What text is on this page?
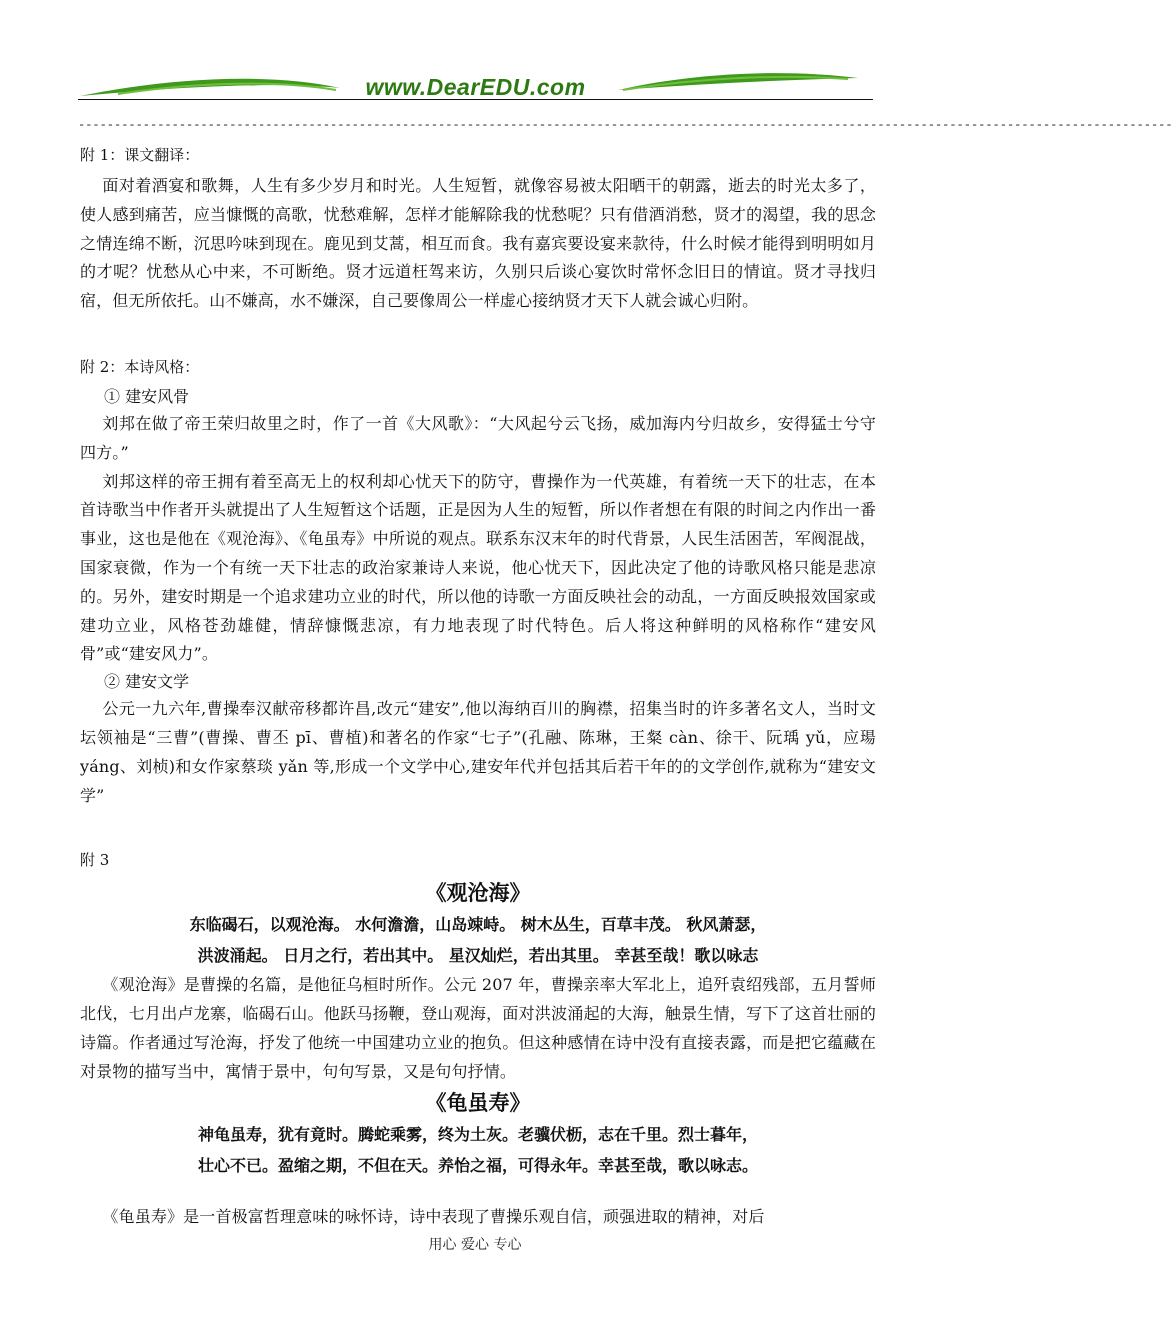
www.DearEDU.com
--------------------------------------------------------------------------------------------------------------------------------------------------------

附 1：课文翻译：

面对着酒宴和歌舞，人生有多少岁月和时光。人生短暂，就像容易被太阳晒干的朝露，逝去的时光太多了，使人感到痛苦，应当慷慨的高歌，忧愁难解，怎样才能解除我的忧愁呢？只有借酒消愁，贤才的渴望，我的思念之情连绵不断，沉思吟味到现在。鹿见到艾蒿，相互而食。我有嘉宾要设宴来款待，什么时候才能得到明明如月的才呢？忧愁从心中来，不可断绝。贤才远道枉驾来访，久别只后谈心宴饮时常怀念旧日的情谊。贤才寻找归宿，但无所依托。山不嫌高，水不嫌深，自己要像周公一样虚心接纳贤才天下人就会诚心归附。

附 2：本诗风格：

① 建安风骨

刘邦在做了帝王荣归故里之时，作了一首《大风歌》：“大风起兮云飞扬，威加海内兮归故乡，安得猛士兮守四方。”

刘邦这样的帝王拥有着至高无上的权利却心忧天下的防守，曹操作为一代英雄，有着统一天下的壮志，在本首诗歌当中作者开头就提出了人生短暂这个话题，正是因为人生的短暂，所以作者想在有限的时间之内作出一番事业，这也是他在《观沧海》、《龟虽寿》中所说的观点。联系东汉末年的时代背景，人民生活困苦，军阀混战，国家衰微，作为一个有统一天下壮志的政治家兼诗人来说，他心忧天下，因此决定了他的诗歌风格只能是悲凉的。另外，建安时期是一个追求建功立业的时代，所以他的诗歌一方面反映社会的动乱，一方面反映报效国家或建功立业，风格苍劲雄健，情辞慷慨悲凉，有力地表现了时代特色。后人将这种鲜明的风格称作“建安风骨”或“建安风力”。

② 建安文学

公元一九六年,曹操奉汉献帝移都许昌,改元“建安”,他以海纳百川的胸襟，招集当时的许多著名文人，当时文坛领袖是“三曹”(曹操、曹丕 pī、曹植)和著名的作家“七子”(孔融、陈琳，王粲 càn、徐干、阮瑀 yǔ，应瑒 yáng、刘桢)和女作家蔡琰 yǎn 等,形成一个文学中心,建安年代并包括其后若干年的的文学创作,就称为“建安文学”

附 3

《观沧海》

东临碣石，以观沧海。 水何澹澹，山岛竦峙。 树木丛生，百草丰茂。 秋风萧瑟，

洪波涌起。 日月之行，若出其中。 星汉灿烂，若出其里。 幸甚至哉！歌以咏志

《观沧海》是曹操的名篇，是他征乌桓时所作。公元 207 年，曹操亲率大军北上，追歼袁绍残部，五月誓师北伐，七月出卢龙寨，临碣石山。他跃马扬鞭，登山观海，面对洪波涌起的大海，触景生情，写下了这首壮丽的诗篇。作者通过写沧海，抒发了他统一中国建功立业的抱负。但这种感情在诗中没有直接表露，而是把它蕴藏在对景物的描写当中，寓情于景中，句句写景，又是句句抒情。

《龟虽寿》

神龟虽寿，犹有竟时。腾蛇乘雾，终为土灰。老骥伏枥，志在千里。烈士暮年，

壮心不已。盈缩之期，不但在天。养怡之福，可得永年。幸甚至哉，歌以咏志。

《龟虽寿》是一首极富哲理意味的咏怀诗，诗中表现了曹操乐观自信，顽强进取的精神，对后

用心 爱心 专心
